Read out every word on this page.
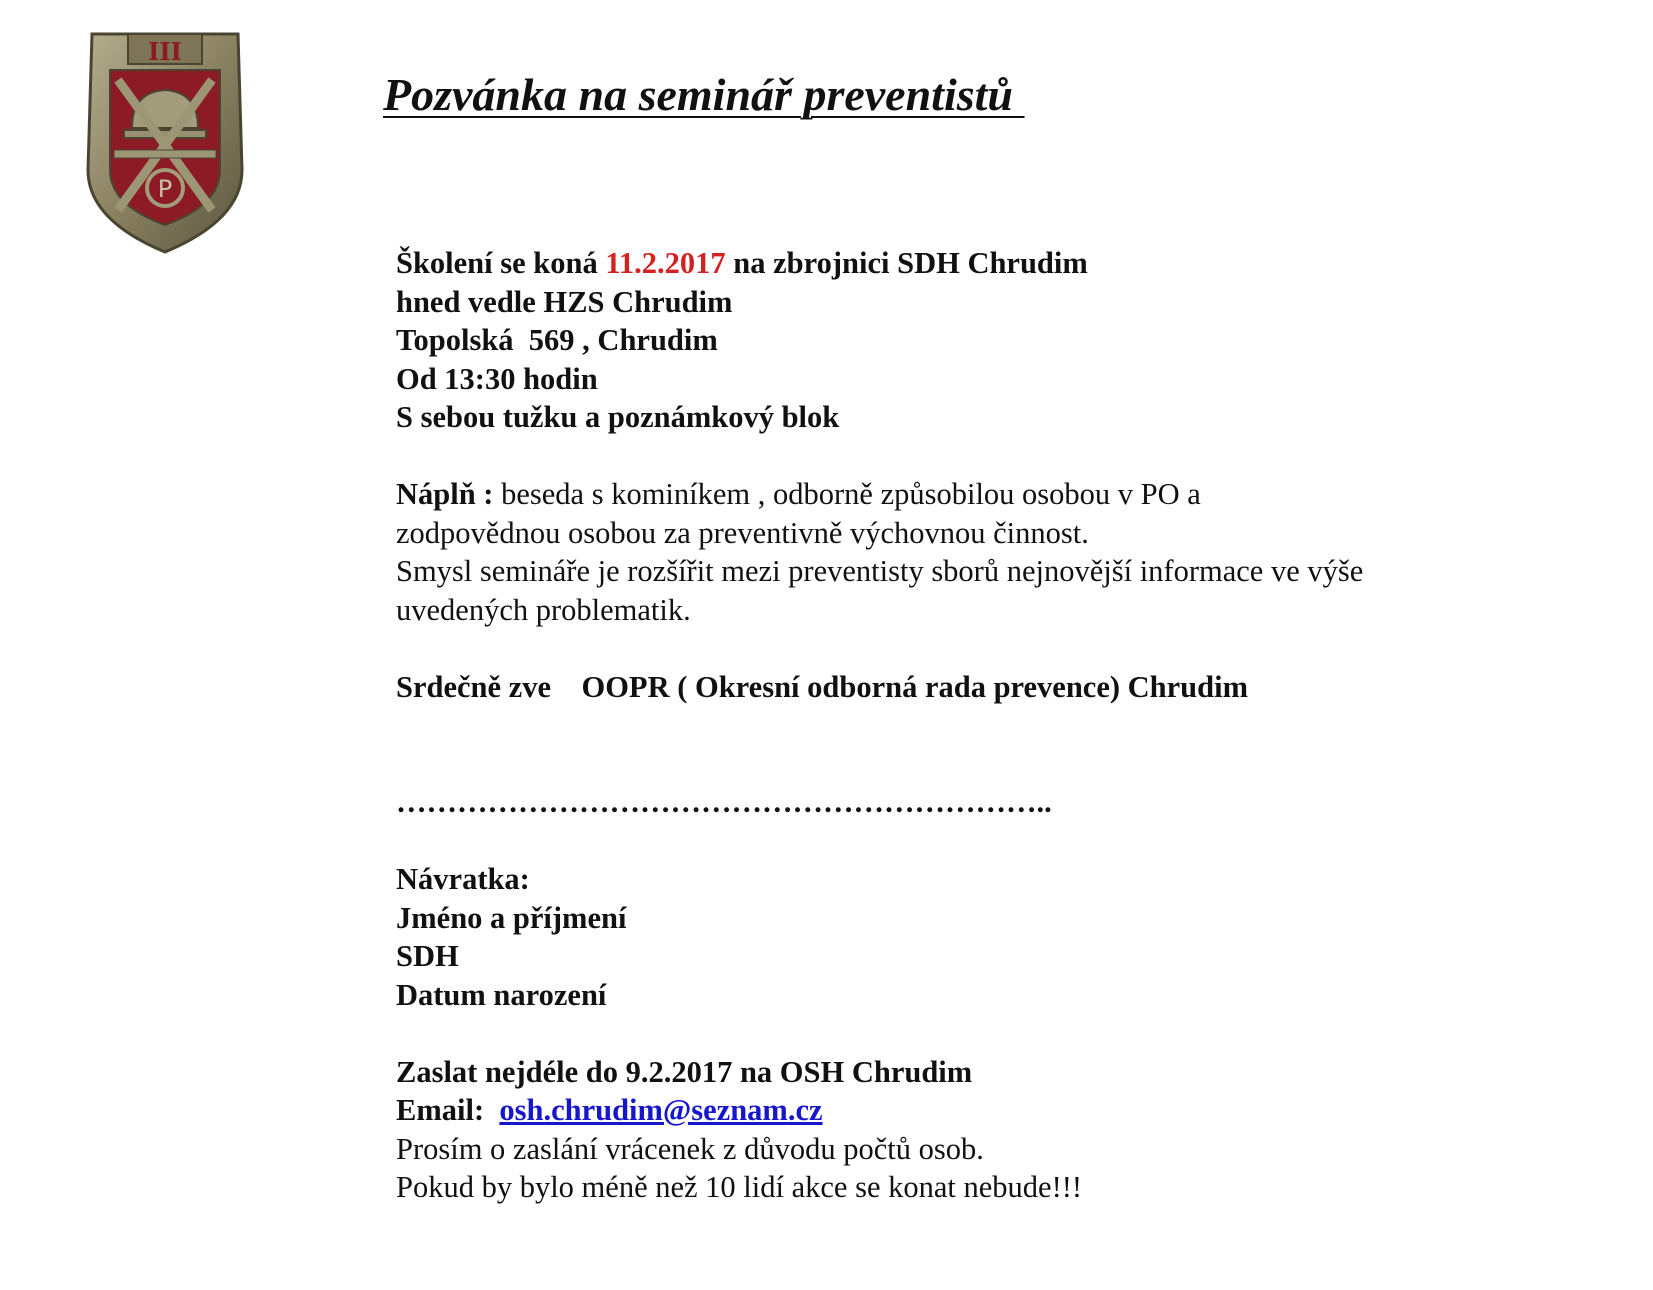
III
P
Pozvánka na seminář preventistů
Školení se koná 11.2.2017 na zbrojnici SDH Chrudim
hned vedle HZS Chrudim
Topolská  569 , Chrudim
Od 13:30 hodin
S sebou tužku a poznámkový blok
Náplň : beseda s kominíkem , odborně způsobilou osobou v PO a
zodpovědnou osobou za preventivně výchovnou činnost.
Smysl semináře je rozšířit mezi preventisty sborů nejnovější informace ve výše
uvedených problematik.
Srdečně zve    OOPR ( Okresní odborná rada prevence) Chrudim
………………………………………………………..
Návratka:
Jméno a příjmení
SDH
Datum narození
Zaslat nejdéle do 9.2.2017 na OSH Chrudim
Email:  osh.chrudim@seznam.cz
Prosím o zaslání vrácenek z důvodu počtů osob.
Pokud by bylo méně než 10 lidí akce se konat nebude!!!
